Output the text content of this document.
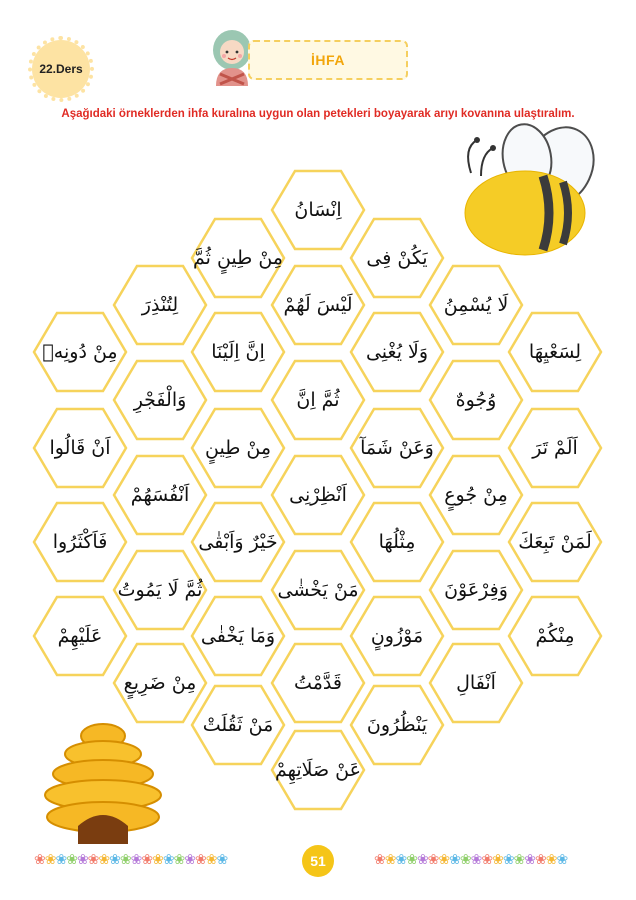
22.Ders
İHFA
Aşağıdaki örneklerden ihfa kuralına uygun olan petekleri boyayarak arıyı kovanına ulaştıralım.
اِنْسَانُ
مِنْ طِينٍ ثُمَّ	يَكُنْ فِى
لِتُنْذِرَ	لَيْسَ لَهُمْ	لَا يُسْمِنُ
مِنْ دُونِهٖ	اِنَّ اِلَيْنَا	وَلَا يُغْنِى	لِسَعْيِهَا
وَالْفَجْرِ	ثُمَّ اِنَّ	وُجُوهٌ
اَنْ قَالُوا	مِنْ طِينٍ	وَعَنْ شَمَآ	اَلَمْ تَرَ
اَنْفُسَهُمْ	اَنْظِرْنِى	مِنْ جُوعٍ
فَاَكْثَرُوا	خَيْرٌ وَاَبْقٰى	مِثْلُهَا	لَمَنْ تَبِعَكَ
ثُمَّ لَا يَمُوتُ	مَنْ يَخْشٰى	وَفِرْعَوْنَ
عَلَيْهِمْ	وَمَا يَخْفٰى	مَوْزُونٍ	مِنْكُمْ
مِنْ ضَرِيعٍ	قَدَّمْتُ	اَنْفَالِ
مَنْ ثَقُلَتْ	يَنْظُرُونَ
عَنْ صَلَاتِهِمْ
❀❀❀❀❀❀❀❀❀❀❀❀❀❀❀❀❀❀	51	❀❀❀❀❀❀❀❀❀❀❀❀❀❀❀❀❀❀
